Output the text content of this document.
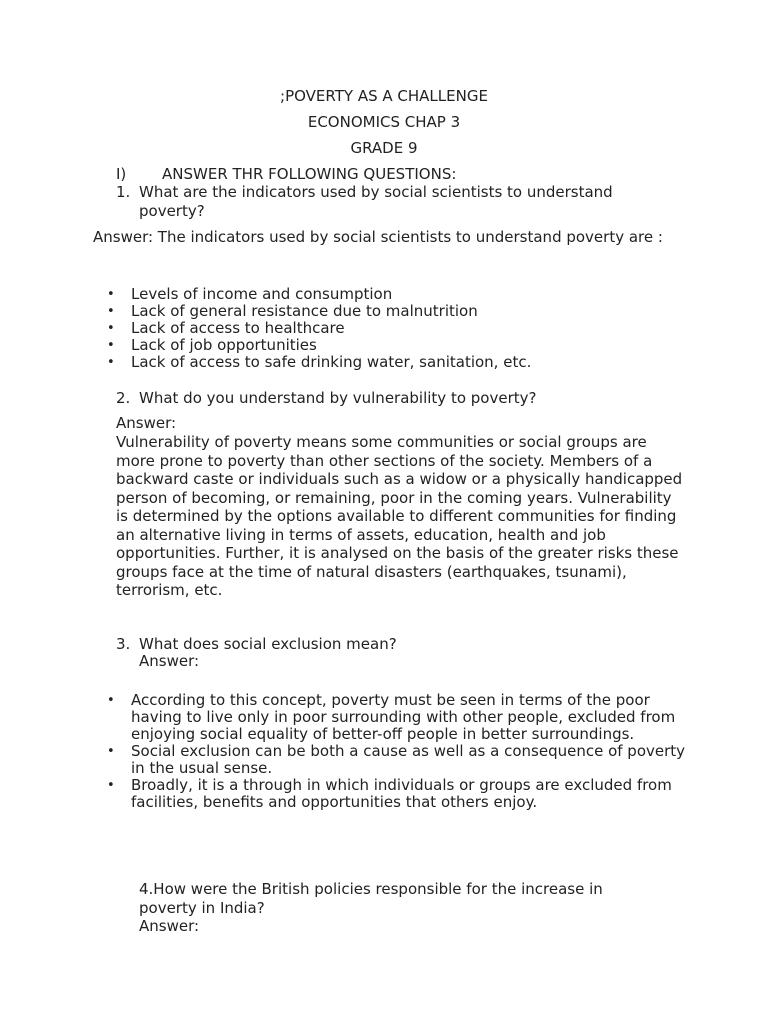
;POVERTY AS A CHALLENGE
ECONOMICS CHAP 3
GRADE 9
I) ANSWER THR FOLLOWING QUESTIONS:
1. What are the indicators used by social scientists to understand poverty?
Answer: The indicators used by social scientists to understand poverty are :
• Levels of income and consumption
• Lack of general resistance due to malnutrition
• Lack of access to healthcare
• Lack of job opportunities
• Lack of access to safe drinking water, sanitation, etc.
2. What do you understand by vulnerability to poverty?
Answer:
Vulnerability of poverty means some communities or social groups are more prone to poverty than other sections of the society. Members of a backward caste or individuals such as a widow or a physically handicapped person of becoming, or remaining, poor in the coming years. Vulnerability is determined by the options available to different communities for finding an alternative living in terms of assets, education, health and job opportunities. Further, it is analysed on the basis of the greater risks these groups face at the time of natural disasters (earthquakes, tsunami), terrorism, etc.
3. What does social exclusion mean?
Answer:
• According to this concept, poverty must be seen in terms of the poor having to live only in poor surrounding with other people, excluded from enjoying social equality of better-off people in better surroundings.
• Social exclusion can be both a cause as well as a consequence of poverty in the usual sense.
• Broadly, it is a through in which individuals or groups are excluded from facilities, benefits and opportunities that others enjoy.
4.How were the British policies responsible for the increase in poverty in India?
Answer:
